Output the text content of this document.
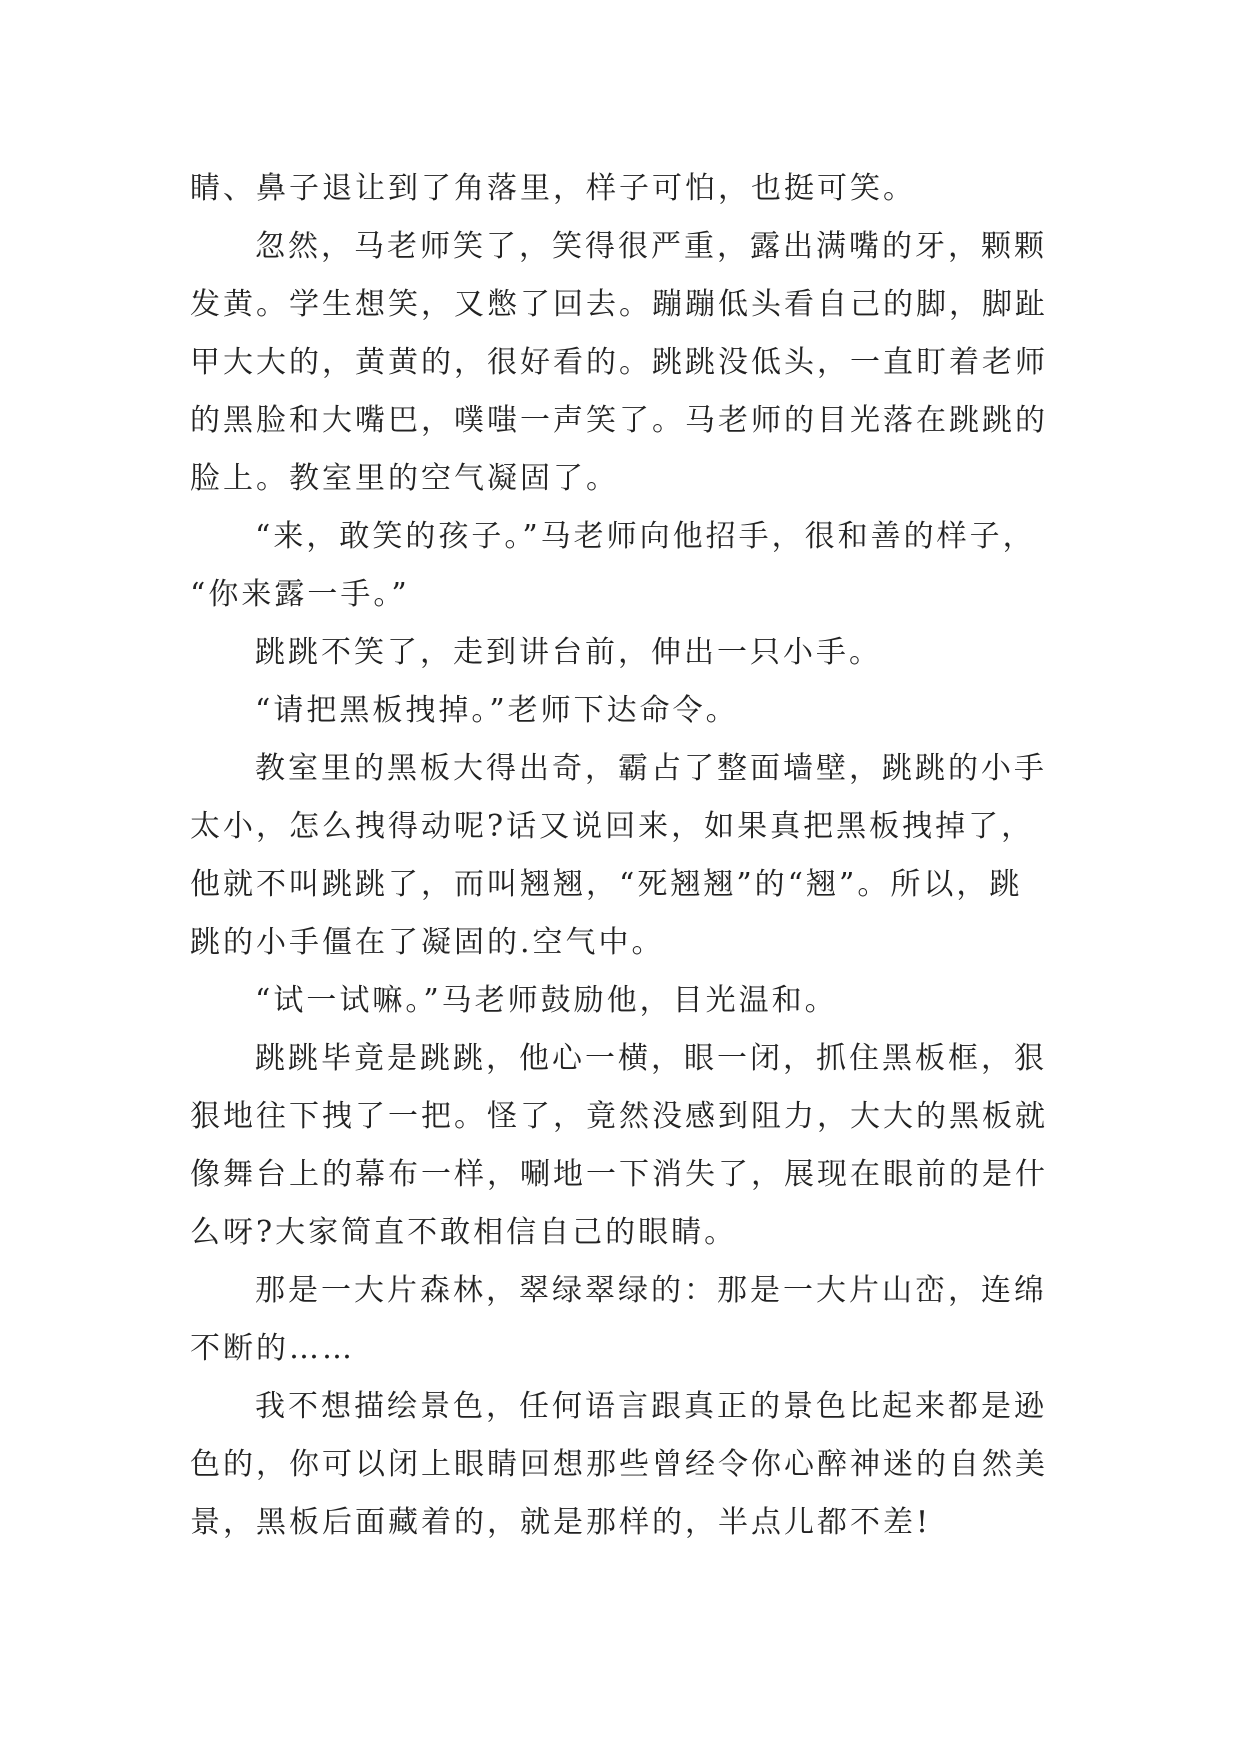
睛、鼻子退让到了角落里，样子可怕，也挺可笑。
忽然，马老师笑了，笑得很严重，露出满嘴的牙，颗颗
发黄。学生想笑，又憋了回去。蹦蹦低头看自己的脚，脚趾
甲大大的，黄黄的，很好看的。跳跳没低头，一直盯着老师
的黑脸和大嘴巴，噗嗤一声笑了。马老师的目光落在跳跳的
脸上。教室里的空气凝固了。
“来，敢笑的孩子。”马老师向他招手，很和善的样子，
“你来露一手。”
跳跳不笑了，走到讲台前，伸出一只小手。
“请把黑板拽掉。”老师下达命令。
教室里的黑板大得出奇，霸占了整面墙壁，跳跳的小手
太小，怎么拽得动呢?话又说回来，如果真把黑板拽掉了，
他就不叫跳跳了，而叫翘翘，“死翘翘”的“翘”。所以，跳
跳的小手僵在了凝固的.空气中。
“试一试嘛。”马老师鼓励他，目光温和。
跳跳毕竟是跳跳，他心一横，眼一闭，抓住黑板框，狠
狠地往下拽了一把。怪了，竟然没感到阻力，大大的黑板就
像舞台上的幕布一样，唰地一下消失了，展现在眼前的是什
么呀?大家简直不敢相信自己的眼睛。
那是一大片森林，翠绿翠绿的：那是一大片山峦，连绵
不断的……
我不想描绘景色，任何语言跟真正的景色比起来都是逊
色的，你可以闭上眼睛回想那些曾经令你心醉神迷的自然美
景，黑板后面藏着的，就是那样的，半点儿都不差!
